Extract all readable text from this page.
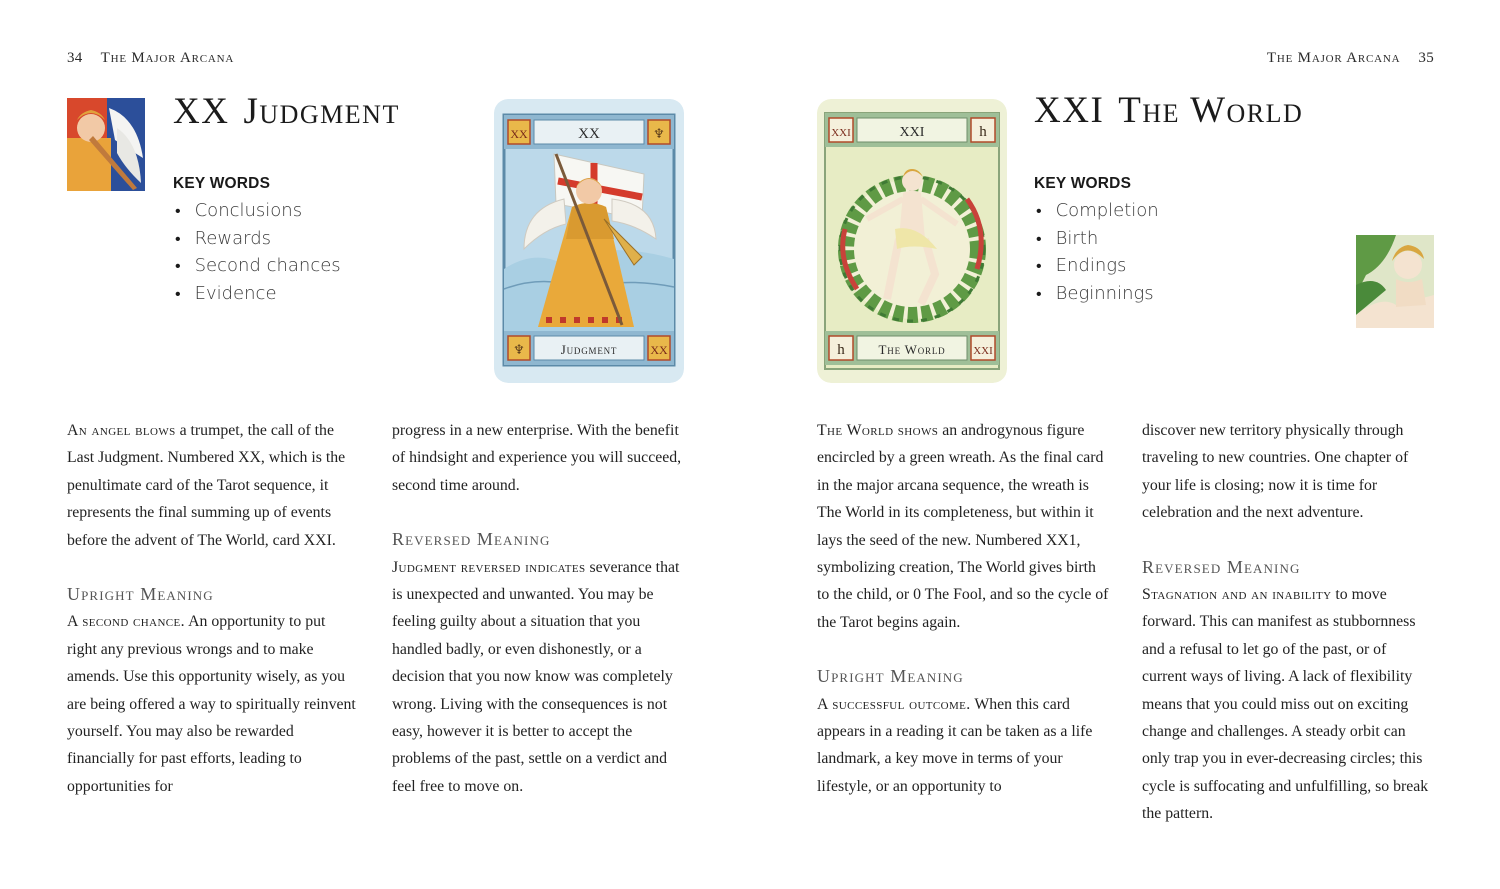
34 The Major Arcana
XX Judgment
KEY WORDS
• Conclusions
• Rewards
• Second chances
• Evidence
XX
XX	♆
Judgment
♆	XX

An angel blows a trumpet, the call of the Last Judgment. Numbered XX, which is the penultimate card of the Tarot sequence, it represents the final summing up of events before the advent of The World, card XXI.

Upright Meaning

A second chance. An opportunity to put right any previous wrongs and to make amends. Use this opportunity wisely, as you are being offered a way to spiritually reinvent yourself. You may also be rewarded financially for past efforts, leading to opportunities for

progress in a new enterprise. With the benefit of hindsight and experience you will succeed, second time around.

Reversed Meaning

Judgment reversed indicates severance that is unexpected and unwanted. You may be feeling guilty about a situation that you handled badly, or even dishonestly, or a decision that you now know was completely wrong. Living with the consequences is not easy, however it is better to accept the problems of the past, settle on a verdict and feel free to move on.

The Major Arcana 35
XXI
XXI	h
The World
h	XXI
XXI The World
KEY WORDS
• Completion
• Birth
• Endings
• Beginnings

The World shows an androgynous figure encircled by a green wreath. As the final card in the major arcana sequence, the wreath is The World in its completeness, but within it lays the seed of the new. Numbered XX1, symbolizing creation, The World gives birth to the child, or 0 The Fool, and so the cycle of the Tarot begins again.

Upright Meaning

A successful outcome. When this card appears in a reading it can be taken as a life landmark, a key move in terms of your lifestyle, or an opportunity to

discover new territory physically through traveling to new countries. One chapter of your life is closing; now it is time for celebration and the next adventure.

Reversed Meaning

Stagnation and an inability to move forward. This can manifest as stubbornness and a refusal to let go of the past, or of current ways of living. A lack of flexibility means that you could miss out on exciting change and challenges. A steady orbit can only trap you in ever-decreasing circles; this cycle is suffocating and unfulfilling, so break the pattern.
